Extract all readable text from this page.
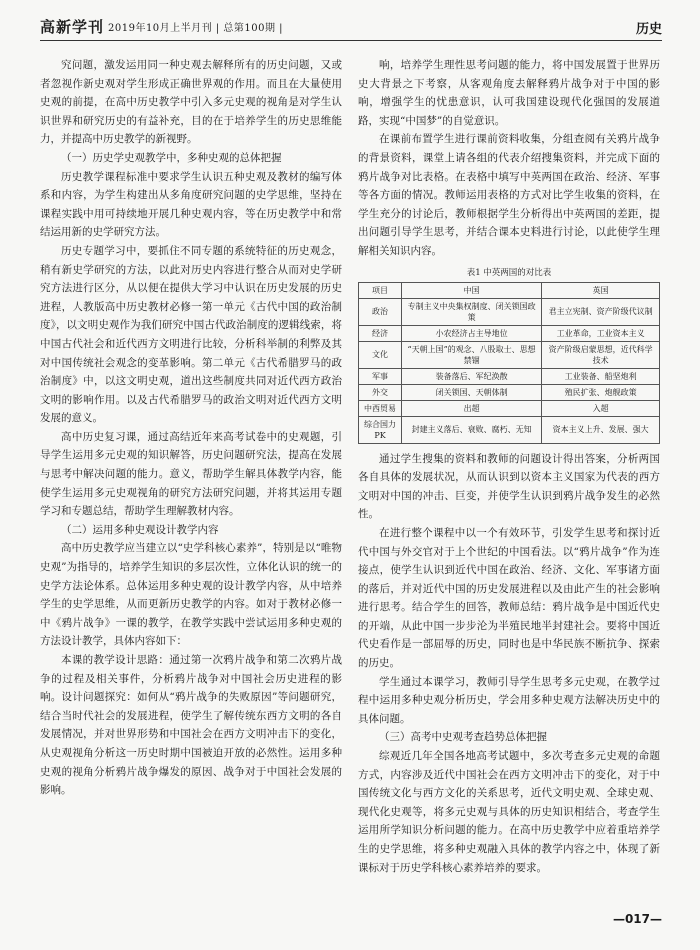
高新学刊 2019年10月上半月刊 | 总第100期 |	历史

究问题，激发运用同一种史观去解释所有的历史问题，又或者忽视作新史观对学生形成正确世界观的作用。而且在大量使用史观的前提，在高中历史教学中引入多元史观的视角是对学生认识世界和研究历史的有益补充，目的在于培养学生的历史思维能力，并提高中历史教学的新视野。

（一）历史学史观教学中，多种史观的总体把握

历史教学课程标准中要求学生认识五种史观及教材的编写体系和内容，为学生构建出从多角度研究问题的史学思维，坚持在课程实践中用可持续地开展几种史观内容，等在历史教学中和常结运用新的史学研究方法。

历史专题学习中，要抓住不同专题的系统特征的历史观念，稍有新史学研究的方法，以此对历史内容进行整合从而对史学研究方法进行区分，从以便在提供大学习中认识在历史发展的历史进程，人教版高中历史教材必修一第一单元《古代中国的政治制度》，以文明史观作为我们研究中国古代政治制度的逻辑线索，将中国古代社会和近代西方文明进行比较，分析科举制的利弊及其对中国传统社会观念的变革影响。第二单元《古代希腊罗马的政治制度》中，以这文明史观，道出这些制度共同对近代西方政治文明的影响作用。以及古代希腊罗马的政治文明对近代西方文明发展的意义。

高中历史复习课，通过高结近年来高考试卷中的史观题，引导学生运用多元史观的知识解答，历史问题研究法，提高在发展与思考中解决问题的能力。意义，帮助学生解具体教学内容，能使学生运用多元史观视角的研究方法研究问题，并将其运用专题学习和专题总结，帮助学生理解教材内容。

（二）运用多种史观设计教学内容

高中历史教学应当建立以“史学科核心素养”，特别是以“唯物史观”为指导的，培养学生知识的多层次性，立体化认识的统一的史学方法论体系。总体运用多种史观的设计教学内容，从中培养学生的史学思维，从而更新历史教学的内容。如对于教材必修一中《鸦片战争》一课的教学，在教学实践中尝试运用多种史观的方法设计教学，具体内容如下：

本课的教学设计思路：通过第一次鸦片战争和第二次鸦片战争的过程及相关事件，分析鸦片战争对中国社会历史进程的影响。设计问题探究：如何从“鸦片战争的失败原因”等问题研究，结合当时代社会的发展进程，使学生了解传统东西方文明的各自发展情况，并对世界形势和中国社会在西方文明冲击下的变化，从史观视角分析这一历史时期中国被迫开放的必然性。运用多种史观的视角分析鸦片战争爆发的原因、战争对于中国社会发展的影响。

响，培养学生理性思考问题的能力，将中国发展置于世界历史大背景之下考察，从客观角度去解释鸦片战争对于中国的影响，增强学生的忧患意识，认可我国建设现代化强国的发展道路，实现“中国梦”的自觉意识。

在课前布置学生进行课前资料收集，分组查阅有关鸦片战争的背景资料，课堂上请各组的代表介绍搜集资料，并完成下面的鸦片战争对比表格。在表格中填写中英两国在政治、经济、军事等各方面的情况。教师运用表格的方式对比学生收集的资料，在学生充分的讨论后，教师根据学生分析得出中英两国的差距，提出问题引导学生思考，并结合课本史料进行讨论，以此使学生理解相关知识内容。

表1 中英两国的对比表
项目	中国	英国
政治	专制主义中央集权制度、闭关锁国政策	君主立宪制、资产阶级代议制
经济	小农经济占主导地位	工业革命，工业资本主义
文化	“天朝上国”的观念、八股取士、思想禁锢	资产阶级启蒙思想，近代科学技术
军事	装备落后、军纪涣散	工业装备、船坚炮利
外交	闭关锁国、天朝体制	殖民扩张、炮舰政策
中西贸易	出超	入超
综合国力PK	封建主义落后、衰败、腐朽、无知	资本主义上升、发展、强大

通过学生搜集的资料和教师的问题设计得出答案，分析两国各自具体的发展状况，从而认识到以资本主义国家为代表的西方文明对中国的冲击、巨变，并使学生认识到鸦片战争发生的必然性。

在进行整个课程中以一个有效环节，引发学生思考和探讨近代中国与外交官对于上个世纪的中国看法。以“鸦片战争”作为连接点，使学生认识到近代中国在政治、经济、文化、军事诸方面的落后，并对近代中国的历史发展进程以及由此产生的社会影响进行思考。结合学生的回答，教师总结：鸦片战争是中国近代史的开端，从此中国一步步沦为半殖民地半封建社会。要将中国近代史看作是一部屈辱的历史，同时也是中华民族不断抗争、探索的历史。

学生通过本课学习，教师引导学生思考多元史观，在教学过程中运用多种史观分析历史，学会用多种史观方法解决历史中的具体问题。

（三）高考中史观考查趋势总体把握

综观近几年全国各地高考试题中，多次考查多元史观的命题方式，内容涉及近代中国社会在西方文明冲击下的变化，对于中国传统文化与西方文化的关系思考，近代文明史观、全球史观、现代化史观等，将多元史观与具体的历史知识相结合，考查学生运用所学知识分析问题的能力。在高中历史教学中应着重培养学生的史学思维，将多种史观融入具体的教学内容之中，体现了新课标对于历史学科核心素养培养的要求。

—017—
